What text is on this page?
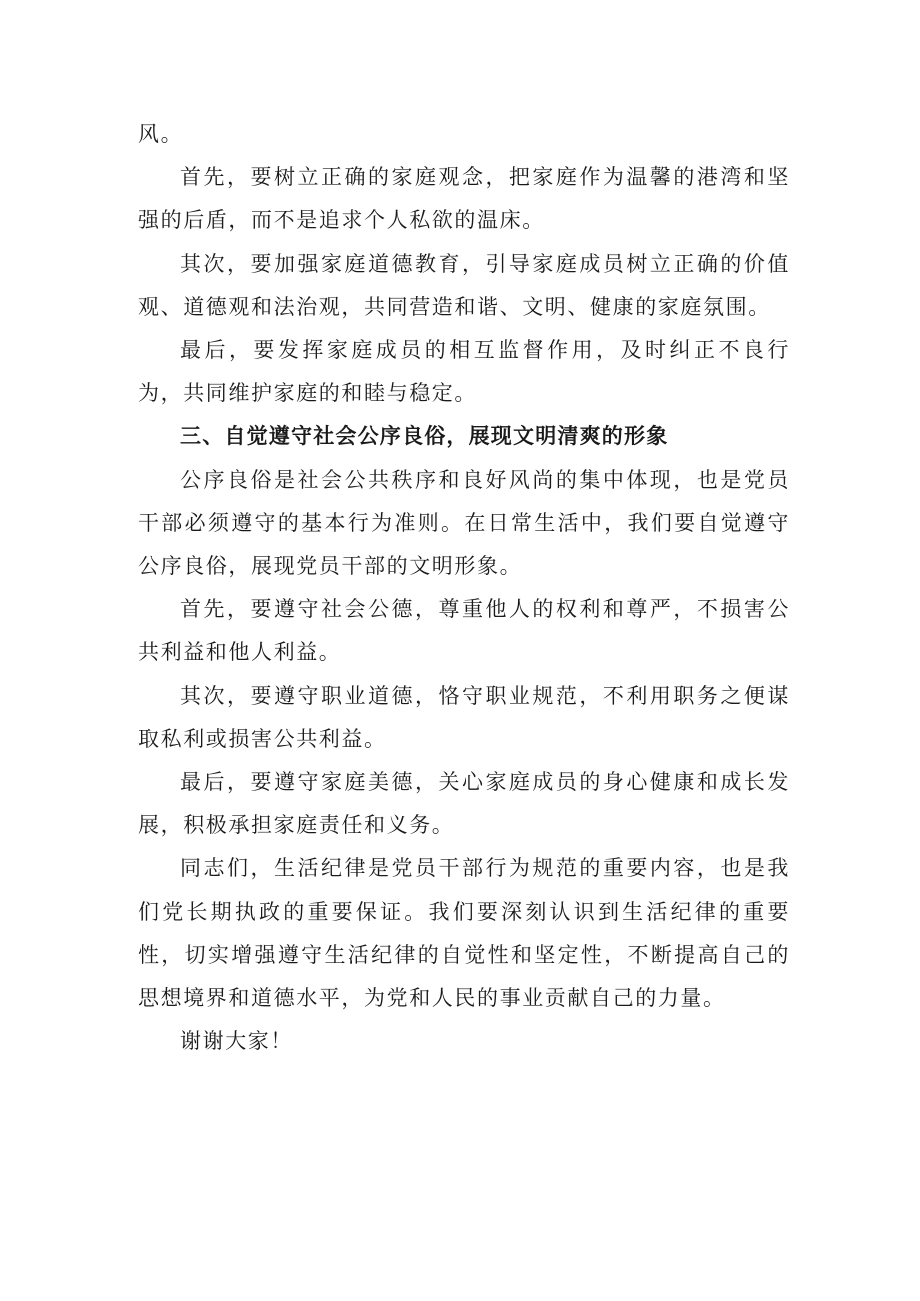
风。

首先，要树立正确的家庭观念，把家庭作为温馨的港湾和坚强的后盾，而不是追求个人私欲的温床。

其次，要加强家庭道德教育，引导家庭成员树立正确的价值观、道德观和法治观，共同营造和谐、文明、健康的家庭氛围。

最后，要发挥家庭成员的相互监督作用，及时纠正不良行为，共同维护家庭的和睦与稳定。

三、自觉遵守社会公序良俗，展现文明清爽的形象

公序良俗是社会公共秩序和良好风尚的集中体现，也是党员干部必须遵守的基本行为准则。在日常生活中，我们要自觉遵守公序良俗，展现党员干部的文明形象。

首先，要遵守社会公德，尊重他人的权利和尊严，不损害公共利益和他人利益。

其次，要遵守职业道德，恪守职业规范，不利用职务之便谋取私利或损害公共利益。

最后，要遵守家庭美德，关心家庭成员的身心健康和成长发展，积极承担家庭责任和义务。

同志们，生活纪律是党员干部行为规范的重要内容，也是我们党长期执政的重要保证。我们要深刻认识到生活纪律的重要性，切实增强遵守生活纪律的自觉性和坚定性，不断提高自己的思想境界和道德水平，为党和人民的事业贡献自己的力量。

谢谢大家！
